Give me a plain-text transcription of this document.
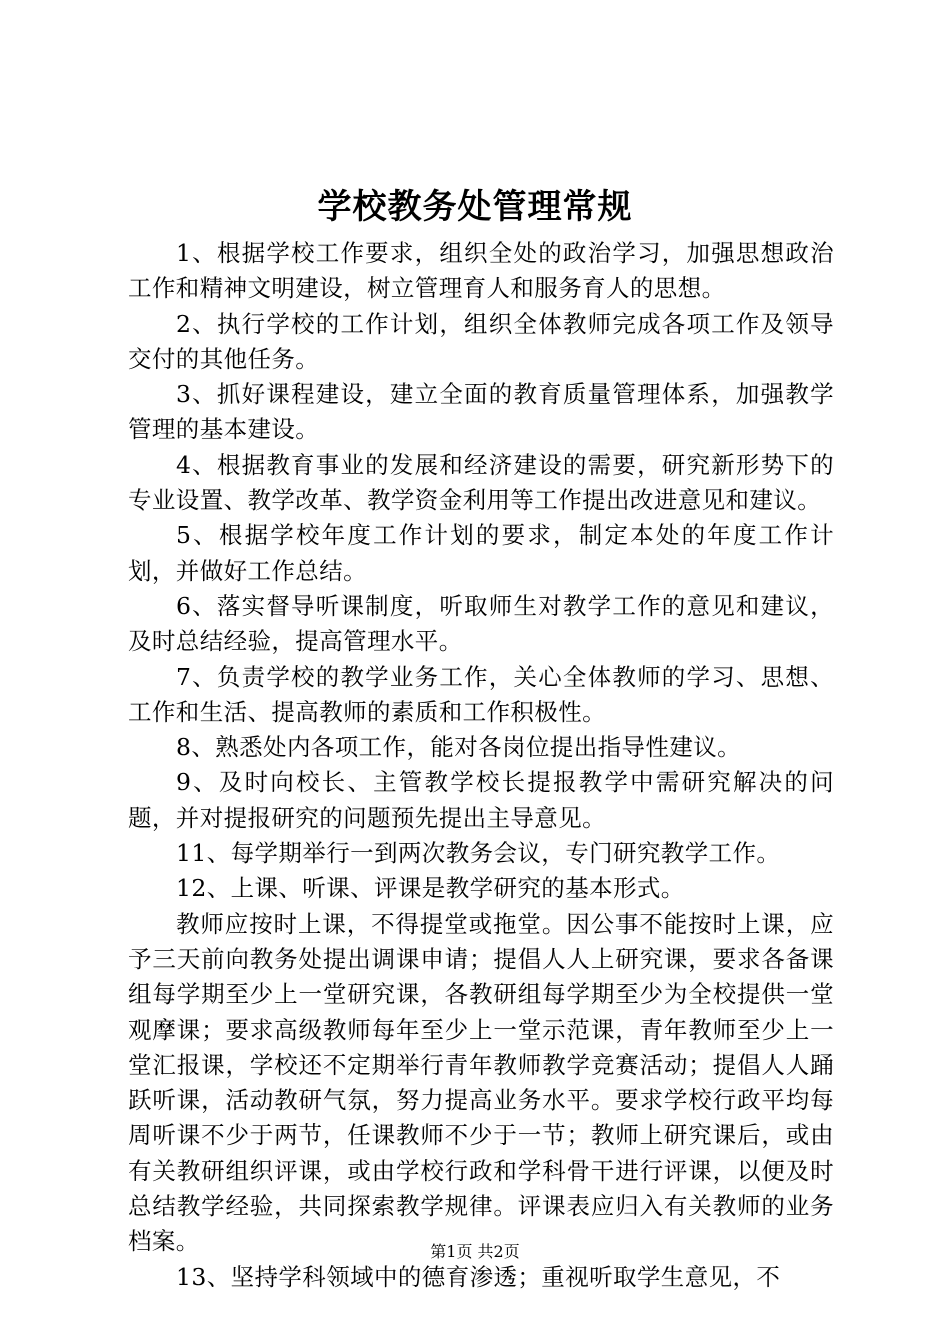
学校教务处管理常规

1、根据学校工作要求，组织全处的政治学习，加强思想政治工作和精神文明建设，树立管理育人和服务育人的思想。

2、执行学校的工作计划，组织全体教师完成各项工作及领导交付的其他任务。

3、抓好课程建设，建立全面的教育质量管理体系，加强教学管理的基本建设。

4、根据教育事业的发展和经济建设的需要，研究新形势下的专业设置、教学改革、教学资金利用等工作提出改进意见和建议。

5、根据学校年度工作计划的要求，制定本处的年度工作计划，并做好工作总结。

6、落实督导听课制度，听取师生对教学工作的意见和建议，及时总结经验，提高管理水平。

7、负责学校的教学业务工作，关心全体教师的学习、思想、工作和生活、提高教师的素质和工作积极性。

8、熟悉处内各项工作，能对各岗位提出指导性建议。

9、及时向校长、主管教学校长提报教学中需研究解决的问题，并对提报研究的问题预先提出主导意见。

11、每学期举行一到两次教务会议，专门研究教学工作。

12、上课、听课、评课是教学研究的基本形式。

教师应按时上课，不得提堂或拖堂。因公事不能按时上课，应予三天前向教务处提出调课申请；提倡人人上研究课，要求各备课组每学期至少上一堂研究课，各教研组每学期至少为全校提供一堂观摩课；要求高级教师每年至少上一堂示范课，青年教师至少上一堂汇报课，学校还不定期举行青年教师教学竞赛活动；提倡人人踊跃听课，活动教研气氛，努力提高业务水平。要求学校行政平均每周听课不少于两节，任课教师不少于一节；教师上研究课后，或由有关教研组织评课，或由学校行政和学科骨干进行评课，以便及时总结教学经验，共同探索教学规律。评课表应归入有关教师的业务档案。

13、坚持学科领域中的德育渗透；重视听取学生意见，不

第1页 共2页
